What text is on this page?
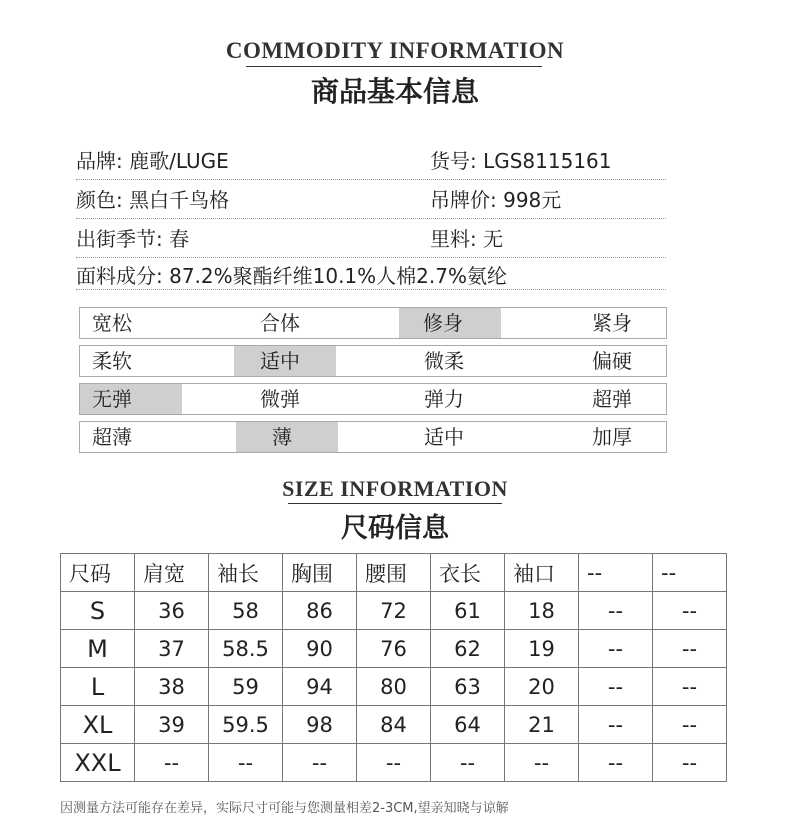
COMMODITY INFORMATION
商品基本信息
品牌: 鹿歌/LUGE	货号: LGS8115161
颜色: 黑白千鸟格	吊牌价: 998元
出街季节: 春	里料: 无
面料成分: 87.2%聚酯纤维10.1%人棉2.7%氨纶
宽松	合体	修身	紧身
柔软	适中	微柔	偏硬
无弹	微弹	弹力	超弹
超薄	薄	适中	加厚
SIZE INFORMATION
尺码信息
尺码	肩宽	袖长	胸围	腰围	衣长	袖口	--	--
S	36	58	86	72	61	18	--	--
M	37	58.5	90	76	62	19	--	--
L	38	59	94	80	63	20	--	--
XL	39	59.5	98	84	64	21	--	--
XXL	--	--	--	--	--	--	--	--
因测量方法可能存在差异，实际尺寸可能与您测量相差2-3CM,望亲知晓与谅解
